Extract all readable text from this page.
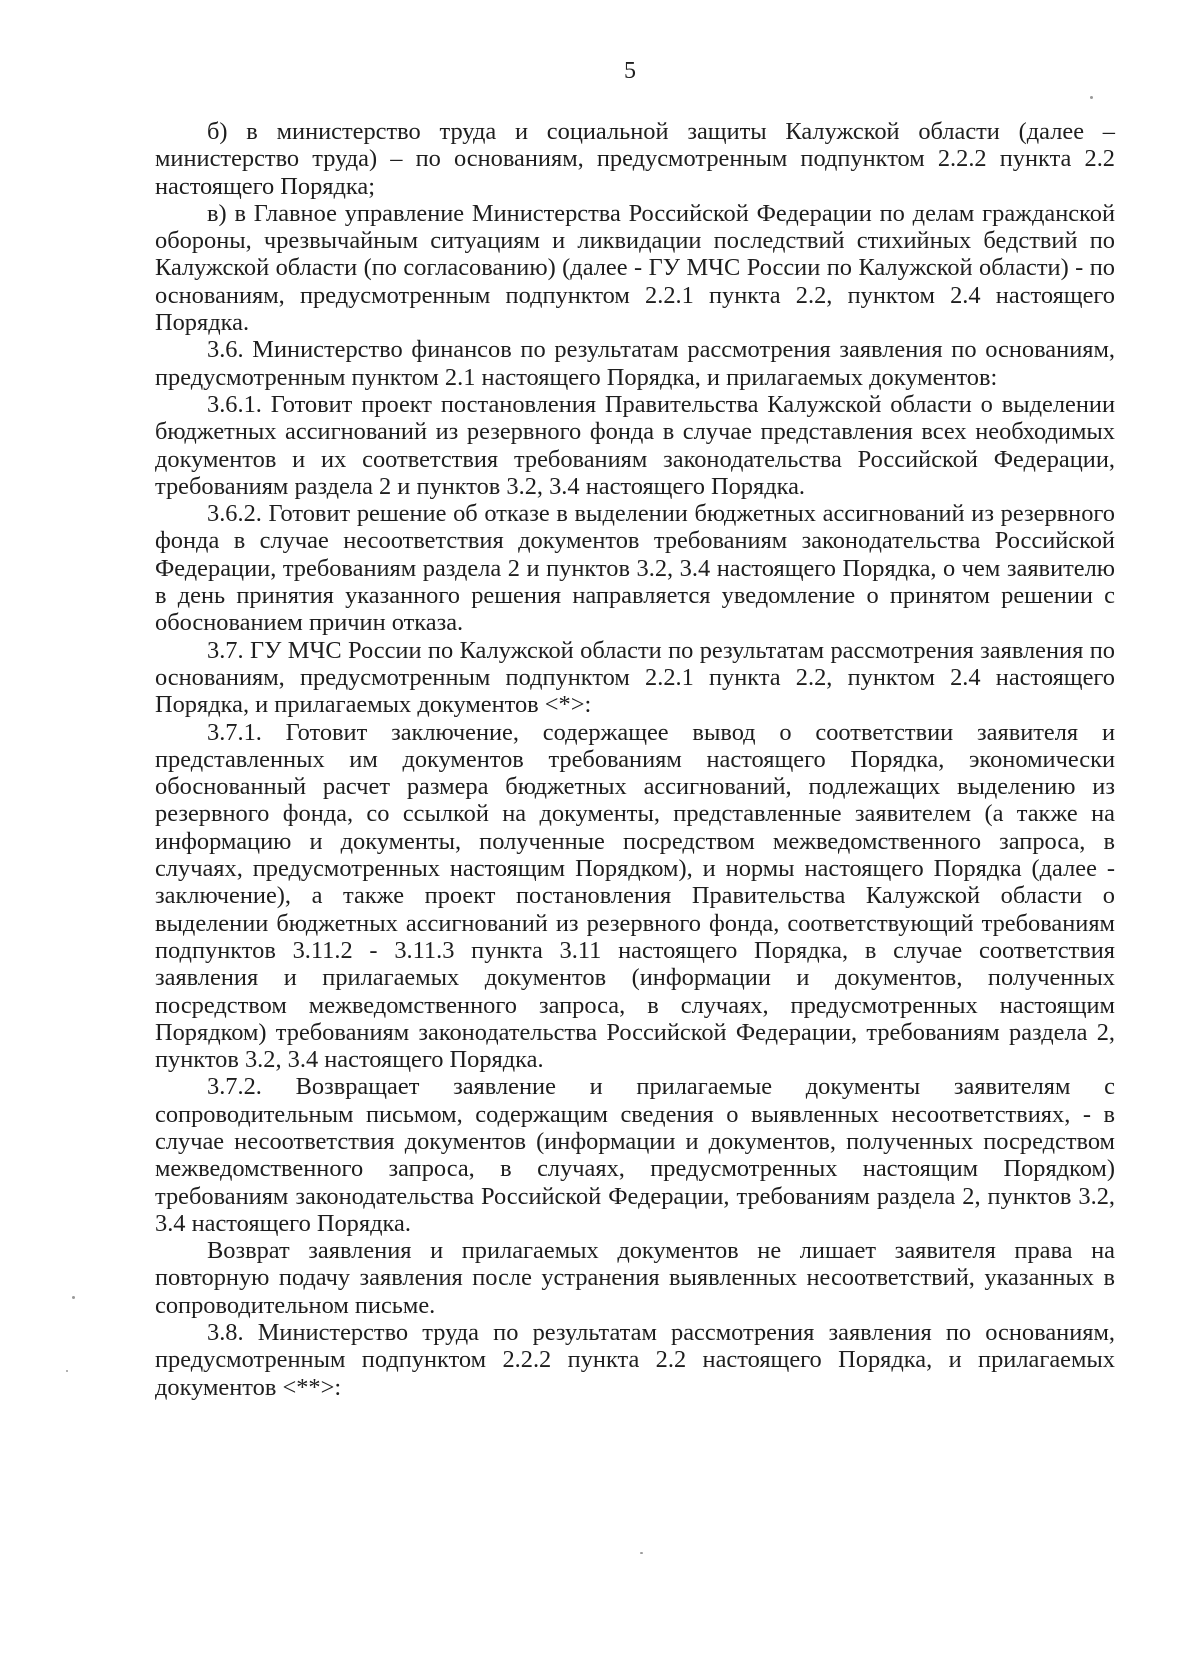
5

б) в министерство труда и социальной защиты Калужской области (далее – министерство труда) – по основаниям, предусмотренным подпунктом 2.2.2 пункта 2.2 настоящего Порядка;

в) в Главное управление Министерства Российской Федерации по делам гражданской обороны, чрезвычайным ситуациям и ликвидации последствий стихийных бедствий по Калужской области (по согласованию) (далее - ГУ МЧС России по Калужской области) - по основаниям, предусмотренным подпунктом 2.2.1 пункта 2.2, пунктом 2.4 настоящего Порядка.

3.6. Министерство финансов по результатам рассмотрения заявления по основаниям, предусмотренным пунктом 2.1 настоящего Порядка, и прилагаемых документов:

3.6.1. Готовит проект постановления Правительства Калужской области о выделении бюджетных ассигнований из резервного фонда в случае представления всех необходимых документов и их соответствия требованиям законодательства Российской Федерации, требованиям раздела 2 и пунктов 3.2, 3.4 настоящего Порядка.

3.6.2. Готовит решение об отказе в выделении бюджетных ассигнований из резервного фонда в случае несоответствия документов требованиям законодательства Российской Федерации, требованиям раздела 2 и пунктов 3.2, 3.4 настоящего Порядка, о чем заявителю в день принятия указанного решения направляется уведомление о принятом решении с обоснованием причин отказа.

3.7. ГУ МЧС России по Калужской области по результатам рассмотрения заявления по основаниям, предусмотренным подпунктом 2.2.1 пункта 2.2, пунктом 2.4 настоящего Порядка, и прилагаемых документов <*>:

3.7.1. Готовит заключение, содержащее вывод о соответствии заявителя и представленных им документов требованиям настоящего Порядка, экономически обоснованный расчет размера бюджетных ассигнований, подлежащих выделению из резервного фонда, со ссылкой на документы, представленные заявителем (а также на информацию и документы, полученные посредством межведомственного запроса, в случаях, предусмотренных настоящим Порядком), и нормы настоящего Порядка (далее - заключение), а также проект постановления Правительства Калужской области о выделении бюджетных ассигнований из резервного фонда, соответствующий требованиям подпунктов 3.11.2 - 3.11.3 пункта 3.11 настоящего Порядка, в случае соответствия заявления и прилагаемых документов (информации и документов, полученных посредством межведомственного запроса, в случаях, предусмотренных настоящим Порядком) требованиям законодательства Российской Федерации, требованиям раздела 2, пунктов 3.2, 3.4 настоящего Порядка.

3.7.2. Возвращает заявление и прилагаемые документы заявителям с сопроводительным письмом, содержащим сведения о выявленных несоответствиях, - в случае несоответствия документов (информации и документов, полученных посредством межведомственного запроса, в случаях, предусмотренных настоящим Порядком) требованиям законодательства Российской Федерации, требованиям раздела 2, пунктов 3.2, 3.4 настоящего Порядка.

Возврат заявления и прилагаемых документов не лишает заявителя права на повторную подачу заявления после устранения выявленных несоответствий, указанных в сопроводительном письме.

3.8. Министерство труда по результатам рассмотрения заявления по основаниям, предусмотренным подпунктом 2.2.2 пункта 2.2 настоящего Порядка, и прилагаемых документов <**>:
